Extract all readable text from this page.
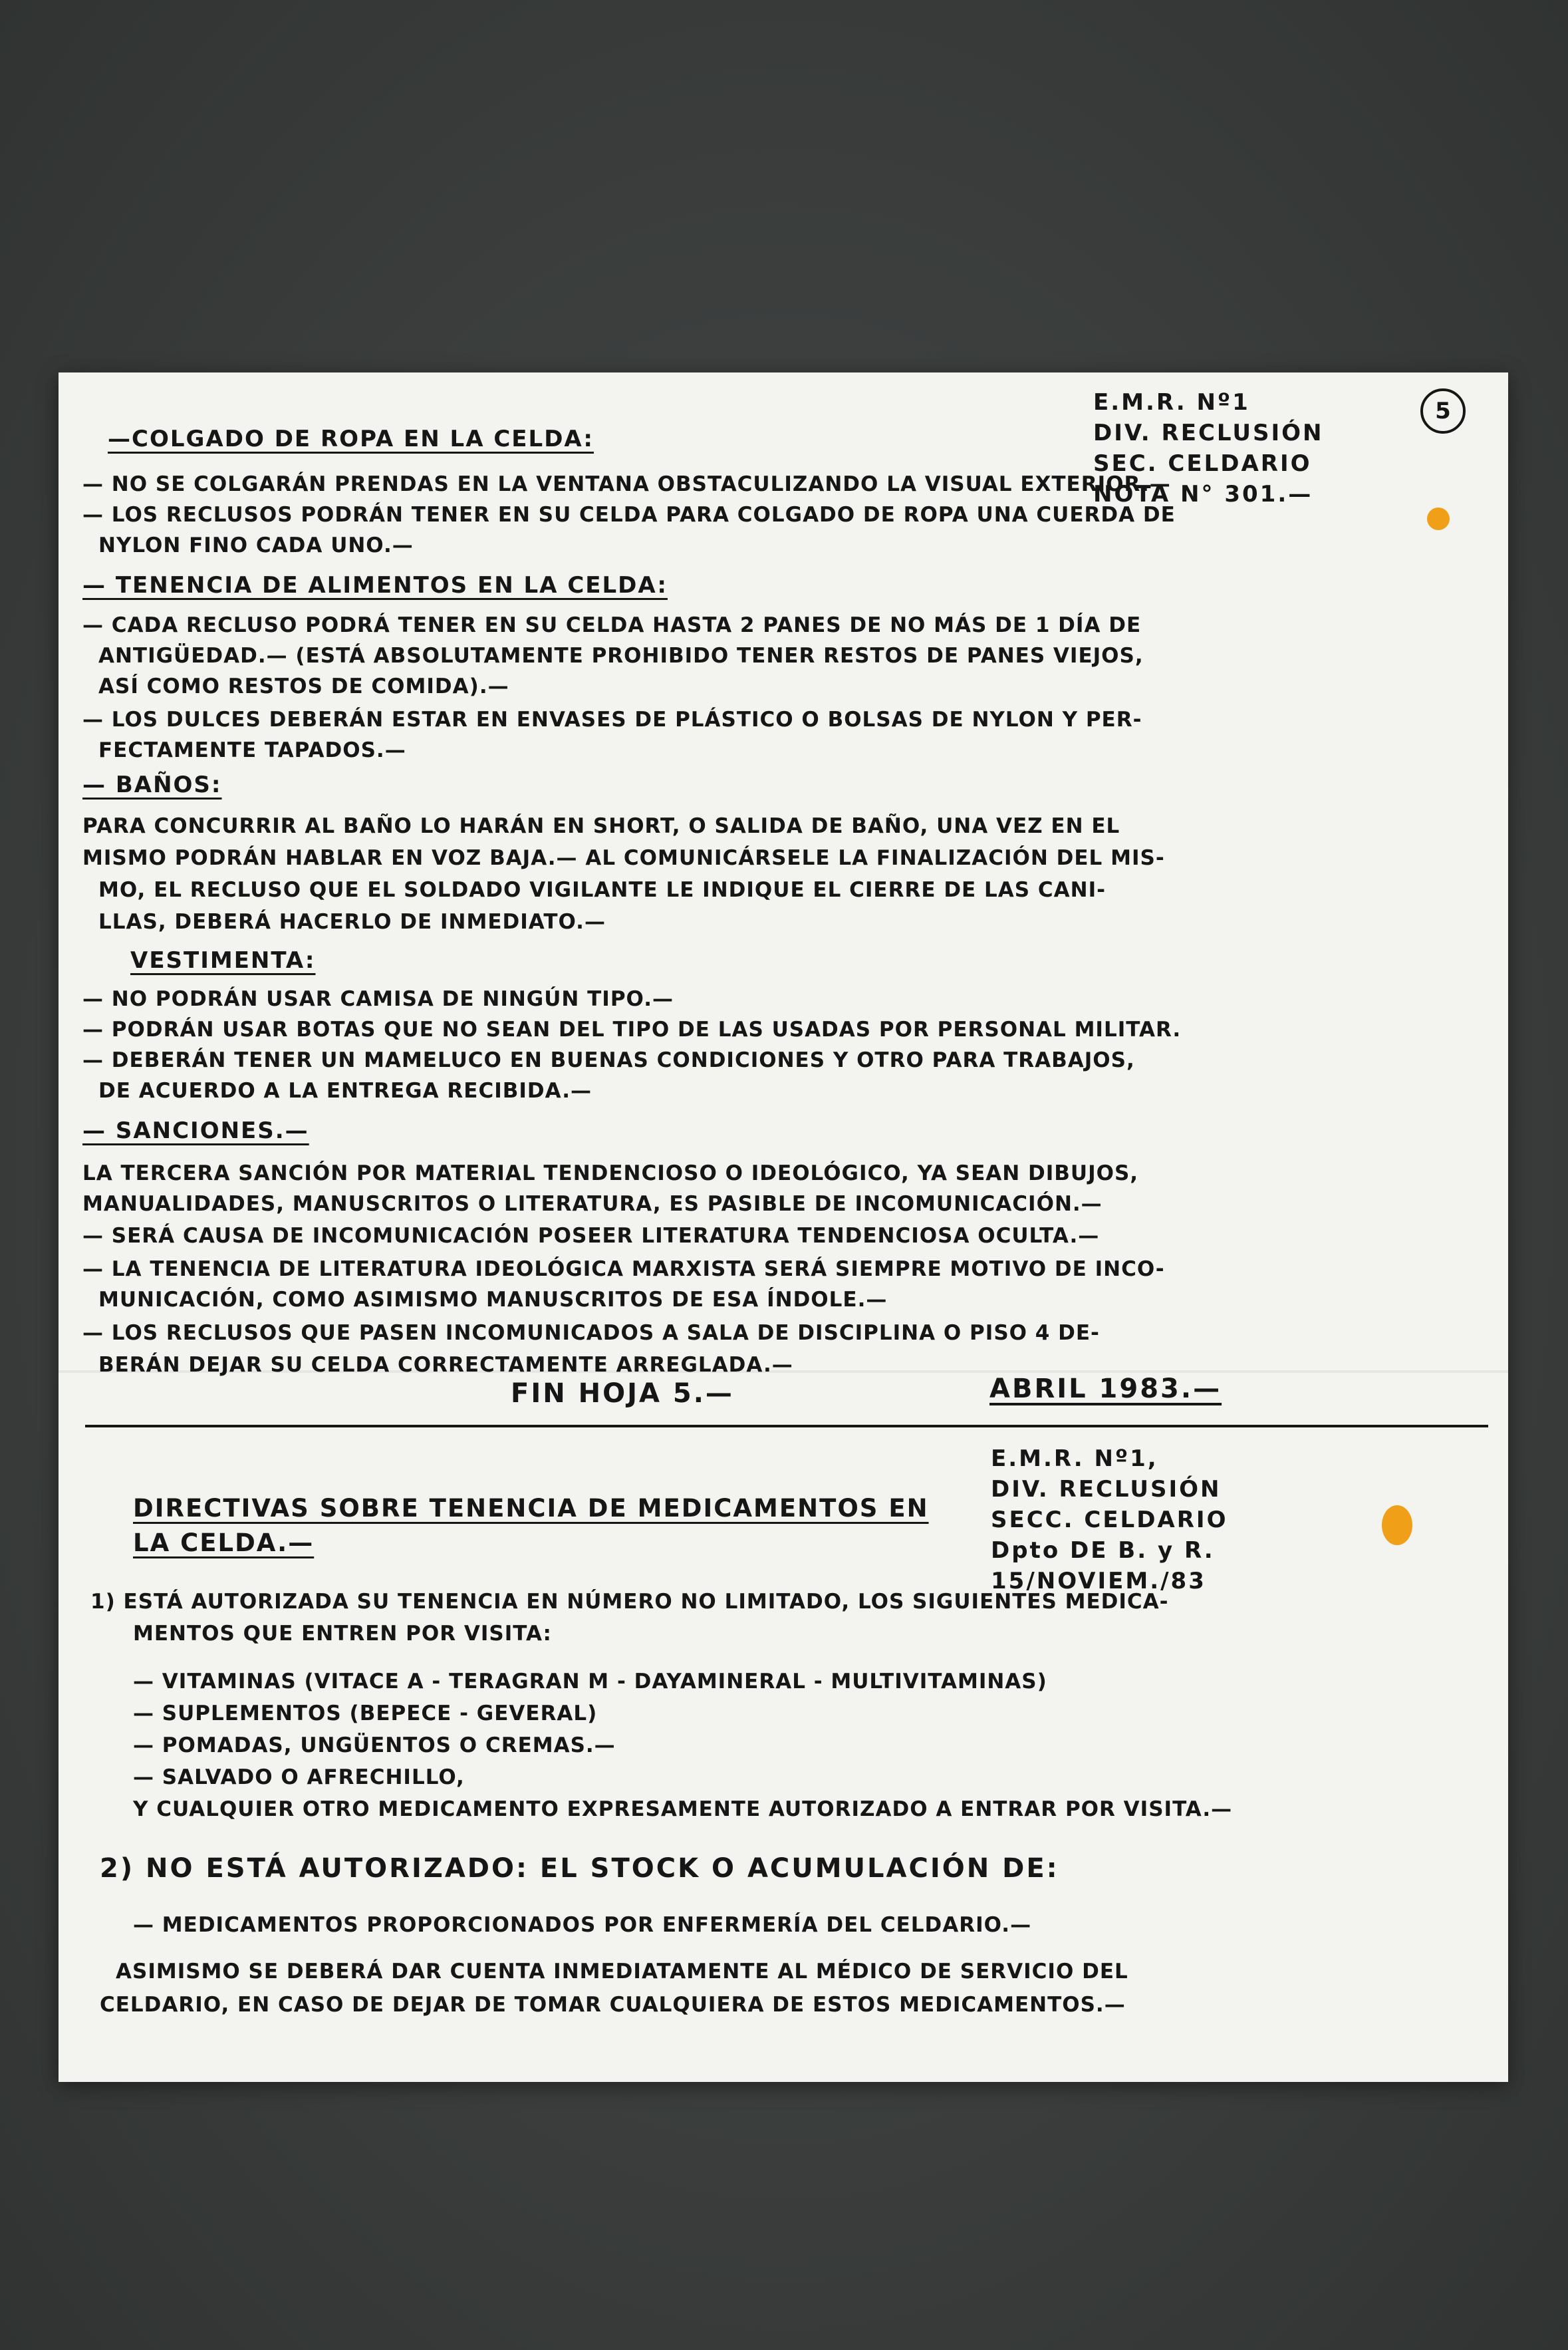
5
E.M.R. Nº1
DIV. RECLUSIÓN
SEC. CELDARIO
NOTA N° 301.—
—COLGADO DE ROPA EN LA CELDA:
— NO SE COLGARÁN PRENDAS EN LA VENTANA OBSTACULIZANDO LA VISUAL EXTERIOR.—
— LOS RECLUSOS PODRÁN TENER EN SU CELDA PARA COLGADO DE ROPA UNA CUERDA DE
NYLON FINO CADA UNO.—
— TENENCIA DE ALIMENTOS EN LA CELDA:
— CADA RECLUSO PODRÁ TENER EN SU CELDA HASTA 2 PANES DE NO MÁS DE 1 DÍA DE
ANTIGÜEDAD.— (ESTÁ ABSOLUTAMENTE PROHIBIDO TENER RESTOS DE PANES VIEJOS,
ASÍ COMO RESTOS DE COMIDA).—
— LOS DULCES DEBERÁN ESTAR EN ENVASES DE PLÁSTICO O BOLSAS DE NYLON Y PER-
FECTAMENTE TAPADOS.—
— BAÑOS:
PARA CONCURRIR AL BAÑO LO HARÁN EN SHORT, O SALIDA DE BAÑO, UNA VEZ EN EL
MISMO PODRÁN HABLAR EN VOZ BAJA.— AL COMUNICÁRSELE LA FINALIZACIÓN DEL MIS-
MO, EL RECLUSO QUE EL SOLDADO VIGILANTE LE INDIQUE EL CIERRE DE LAS CANI-
LLAS, DEBERÁ HACERLO DE INMEDIATO.—
VESTIMENTA:
— NO PODRÁN USAR CAMISA DE NINGÚN TIPO.—
— PODRÁN USAR BOTAS QUE NO SEAN DEL TIPO DE LAS USADAS POR PERSONAL MILITAR.
— DEBERÁN TENER UN MAMELUCO EN BUENAS CONDICIONES Y OTRO PARA TRABAJOS,
DE ACUERDO A LA ENTREGA RECIBIDA.—
— SANCIONES.—
LA TERCERA SANCIÓN POR MATERIAL TENDENCIOSO O IDEOLÓGICO, YA SEAN DIBUJOS,
MANUALIDADES, MANUSCRITOS O LITERATURA, ES PASIBLE DE INCOMUNICACIÓN.—
— SERÁ CAUSA DE INCOMUNICACIÓN POSEER LITERATURA TENDENCIOSA OCULTA.—
— LA TENENCIA DE LITERATURA IDEOLÓGICA MARXISTA SERÁ SIEMPRE MOTIVO DE INCO-
MUNICACIÓN, COMO ASIMISMO MANUSCRITOS DE ESA ÍNDOLE.—
— LOS RECLUSOS QUE PASEN INCOMUNICADOS A SALA DE DISCIPLINA O PISO 4 DE-
BERÁN DEJAR SU CELDA CORRECTAMENTE ARREGLADA.—
FIN HOJA 5.—	ABRIL 1983.—
E.M.R. Nº1,
DIV. RECLUSIÓN
SECC. CELDARIO
Dpto DE B. y R.
15/NOVIEM./83
DIRECTIVAS SOBRE TENENCIA DE MEDICAMENTOS EN
LA CELDA.—
1) ESTÁ AUTORIZADA SU TENENCIA EN NÚMERO NO LIMITADO, LOS SIGUIENTES MEDICA-
MENTOS QUE ENTREN POR VISITA:
— VITAMINAS (VITACE A - TERAGRAN M - DAYAMINERAL - MULTIVITAMINAS)
— SUPLEMENTOS (BEPECE - GEVERAL)
— POMADAS, UNGÜENTOS O CREMAS.—
— SALVADO O AFRECHILLO,
Y CUALQUIER OTRO MEDICAMENTO EXPRESAMENTE AUTORIZADO A ENTRAR POR VISITA.—
2) NO ESTÁ AUTORIZADO: EL STOCK O ACUMULACIÓN DE:
— MEDICAMENTOS PROPORCIONADOS POR ENFERMERÍA DEL CELDARIO.—
ASIMISMO SE DEBERÁ DAR CUENTA INMEDIATAMENTE AL MÉDICO DE SERVICIO DEL
CELDARIO, EN CASO DE DEJAR DE TOMAR CUALQUIERA DE ESTOS MEDICAMENTOS.—
